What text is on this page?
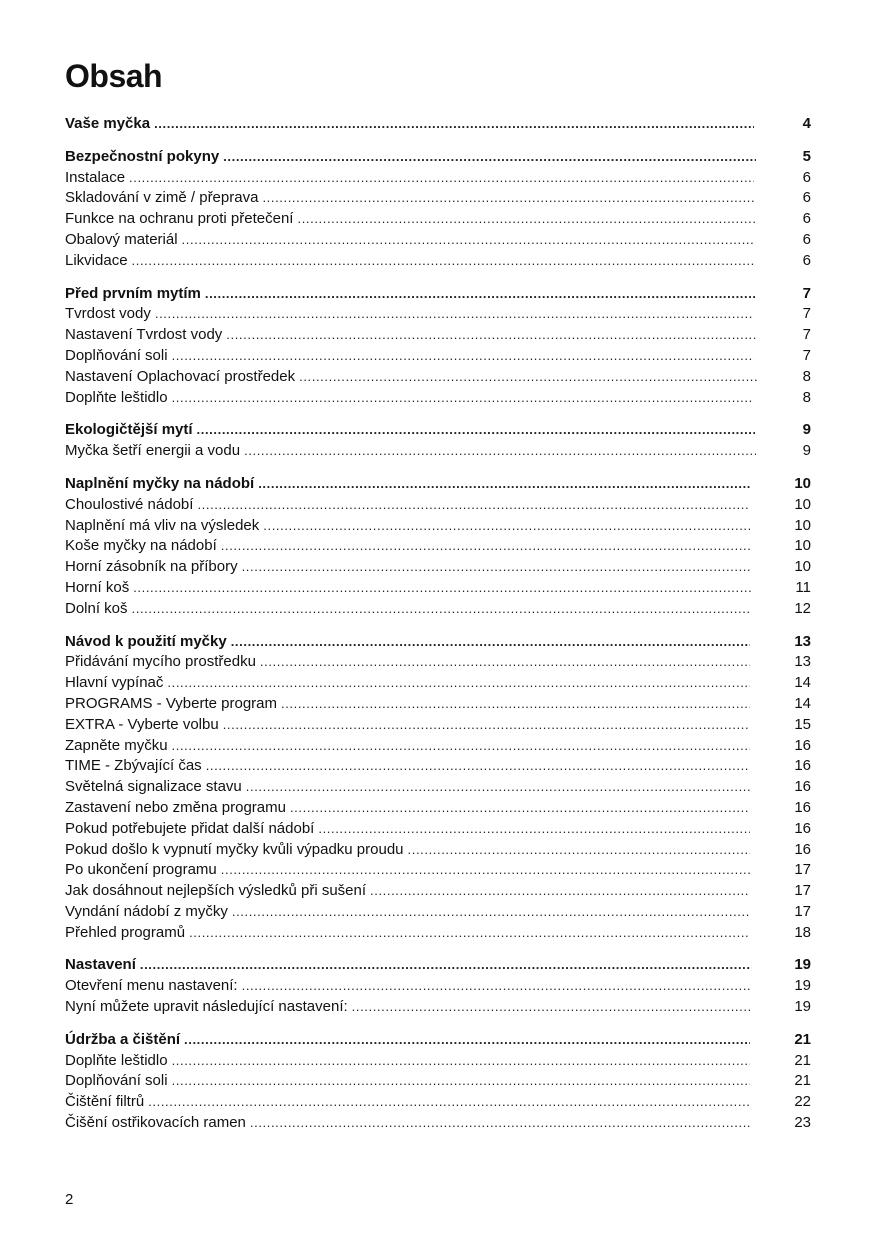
Obsah
Vaše myčka .....	4
Bezpečnostní pokyny .....	5
Instalace .....	6
Skladování v zimě / přeprava .....	6
Funkce na ochranu proti přetečení .....	6
Obalový materiál .....	6
Likvidace .....	6
Před prvním mytím .....	7
Tvrdost vody .....	7
Nastavení Tvrdost vody .....	7
Doplňování soli .....	7
Nastavení Oplachovací prostředek .....	8
Doplňte leštidlo .....	8
Ekologičtější mytí .....	9
Myčka šetří energii a vodu .....	9
Naplnění myčky na nádobí .....	10
Choulostivé nádobí .....	10
Naplnění má vliv na výsledek .....	10
Koše myčky na nádobí .....	10
Horní zásobník na příbory .....	10
Horní koš .....	11
Dolní koš .....	12
Návod k použití myčky .....	13
Přidávání mycího prostředku .....	13
Hlavní vypínač .....	14
PROGRAMS - Vyberte program .....	14
EXTRA - Vyberte volbu .....	15
Zapněte myčku .....	16
TIME - Zbývající čas .....	16
Světelná signalizace stavu .....	16
Zastavení nebo změna programu .....	16
Pokud potřebujete přidat další nádobí .....	16
Pokud došlo k vypnutí myčky kvůli výpadku proudu .....	16
Po ukončení programu .....	17
Jak dosáhnout nejlepších výsledků při sušení .....	17
Vyndání nádobí z myčky .....	17
Přehled programů .....	18
Nastavení .....	19
Otevření menu nastavení: .....	19
Nyní můžete upravit následující nastavení: .....	19
Údržba a čištění .....	21
Doplňte leštidlo .....	21
Doplňování soli .....	21
Čištění filtrů .....	22
Čišění ostřikovacích ramen .....	23
2
